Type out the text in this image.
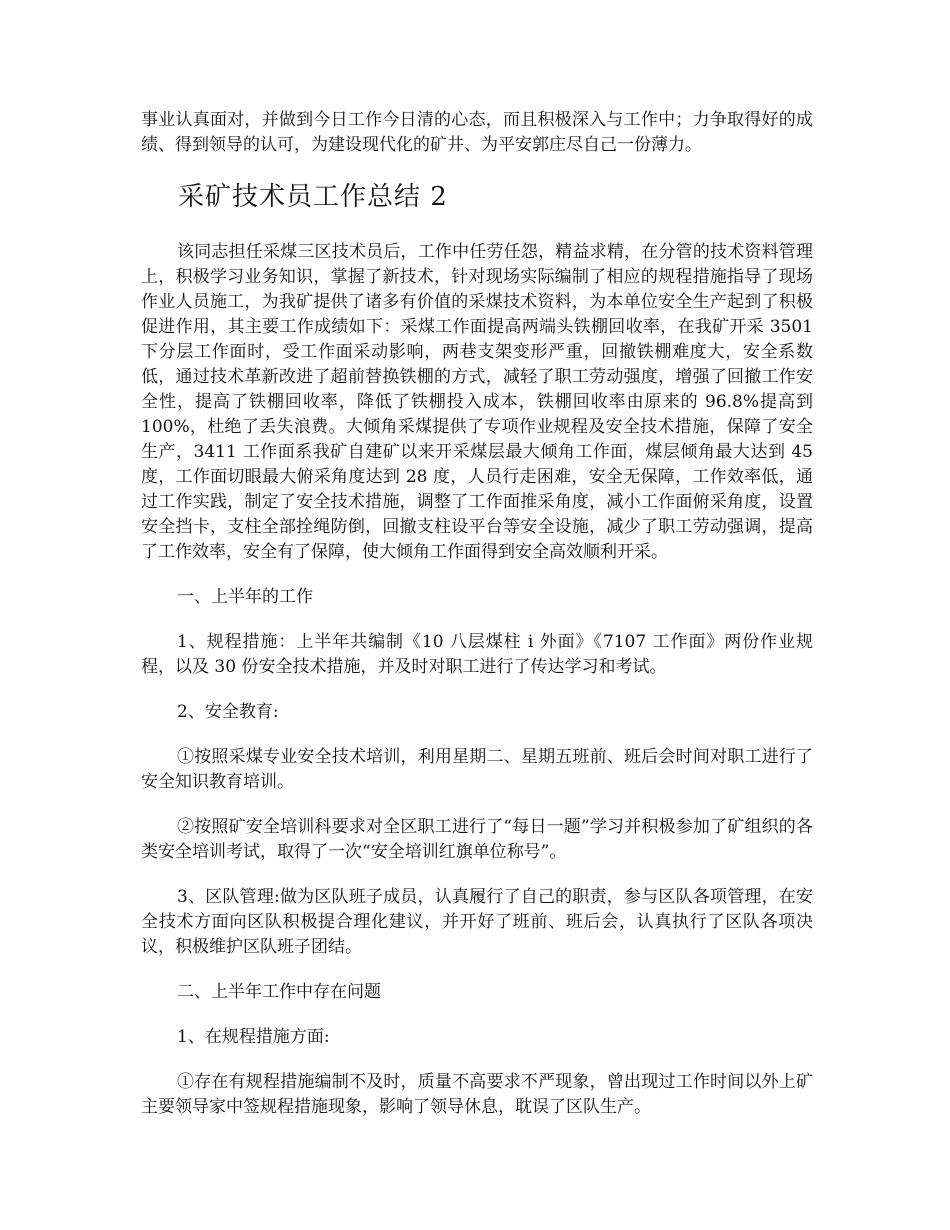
事业认真面对，并做到今日工作今日清的心态，而且积极深入与工作中；力争取得好的成绩、得到领导的认可，为建设现代化的矿井、为平安郭庄尽自己一份薄力。

采矿技术员工作总结 2

该同志担任采煤三区技术员后，工作中任劳任怨，精益求精，在分管的技术资料管理上，积极学习业务知识，掌握了新技术，针对现场实际编制了相应的规程措施指导了现场作业人员施工，为我矿提供了诸多有价值的采煤技术资料，为本单位安全生产起到了积极促进作用，其主要工作成绩如下：采煤工作面提高两端头铁棚回收率，在我矿开采 3501 下分层工作面时，受工作面采动影响，两巷支架变形严重，回撤铁棚难度大，安全系数低，通过技术革新改进了超前替换铁棚的方式，减轻了职工劳动强度，增强了回撤工作安全性，提高了铁棚回收率，降低了铁棚投入成本，铁棚回收率由原来的 96.8%提高到 100%，杜绝了丢失浪费。大倾角采煤提供了专项作业规程及安全技术措施，保障了安全生产，3411 工作面系我矿自建矿以来开采煤层最大倾角工作面，煤层倾角最大达到 45 度，工作面切眼最大俯采角度达到 28 度，人员行走困难，安全无保障，工作效率低，通过工作实践，制定了安全技术措施，调整了工作面推采角度，减小工作面俯采角度，设置安全挡卡，支柱全部拴绳防倒，回撤支柱设平台等安全设施，减少了职工劳动强调，提高了工作效率，安全有了保障，使大倾角工作面得到安全高效顺利开采。

一、上半年的工作

1、规程措施：上半年共编制《10 八层煤柱 i 外面》《7107 工作面》两份作业规程，以及 30 份安全技术措施，并及时对职工进行了传达学习和考试。

2、安全教育:

①按照采煤专业安全技术培训，利用星期二、星期五班前、班后会时间对职工进行了安全知识教育培训。

②按照矿安全培训科要求对全区职工进行了“每日一题”学习并积极参加了矿组织的各类安全培训考试，取得了一次“安全培训红旗单位称号”。

3、区队管理:做为区队班子成员，认真履行了自己的职责，参与区队各项管理，在安全技术方面向区队积极提合理化建议，并开好了班前、班后会，认真执行了区队各项决议，积极维护区队班子团结。

二、上半年工作中存在问题

1、在规程措施方面:

①存在有规程措施编制不及时，质量不高要求不严现象，曾出现过工作时间以外上矿主要领导家中签规程措施现象，影响了领导休息，耽误了区队生产。
